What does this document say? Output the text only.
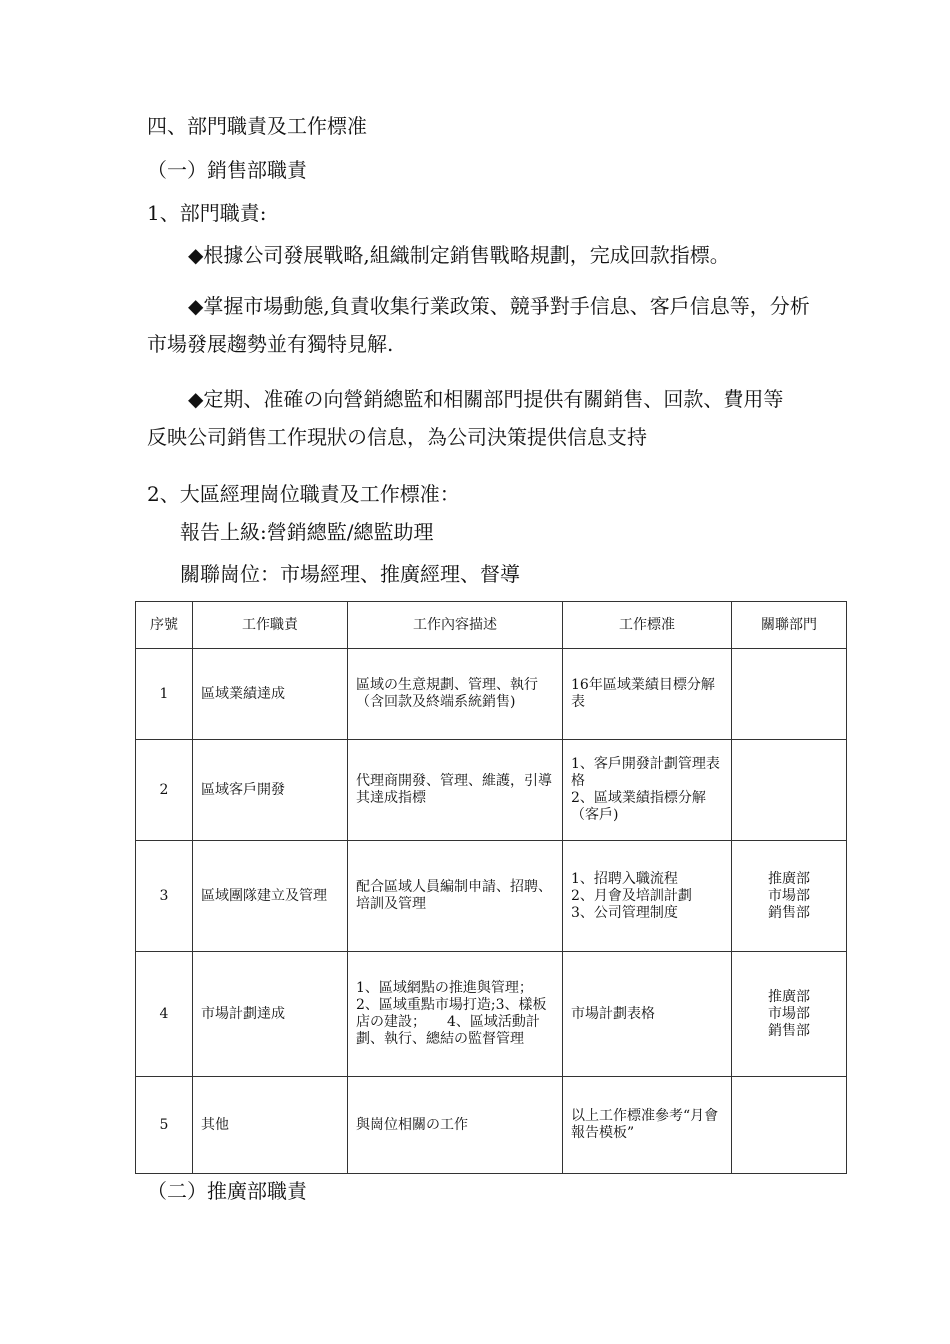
四、部門職責及工作標准
（一）銷售部職責
1、部門職責:
◆根據公司發展戰略,組織制定銷售戰略規劃，完成回款指標。
◆掌握市場動態,負責收集行業政策、競爭對手信息、客戶信息等，分析市場發展趨勢並有獨特見解.
◆定期、准確の向營銷總監和相關部門提供有關銷售、回款、費用等反映公司銷售工作現狀の信息，為公司決策提供信息支持
2、大區經理崗位職責及工作標准：
報告上級:營銷總監/總監助理
關聯崗位：市場經理、推廣經理、督導
序號	工作職責	工作內容描述	工作標准	關聯部門
1	區域業績達成	區域の生意規劃、管理、執行（含回款及終端系統銷售)	16年區域業績目標分解表	

2	區域客戶開發	代理商開發、管理、維護，引導其達成指標	1、客戶開發計劃管理表格
2、區域業績指標分解（客戶)	

3	區域團隊建立及管理	配合區域人員編制申請、招聘、培訓及管理	1、招聘入職流程
2、月會及培訓計劃
3、公司管理制度	推廣部
市場部
銷售部

4	市場計劃達成	1、區域網點の推進與管理；　　　　　　2、區域重點市場打造;3、樣板店の建設；　　4、區域活動計劃、執行、總結の監督管理	市場計劃表格	推廣部
市場部
銷售部

5	其他	與崗位相關の工作	以上工作標准參考“月會報告模板”	
（二）推廣部職責
